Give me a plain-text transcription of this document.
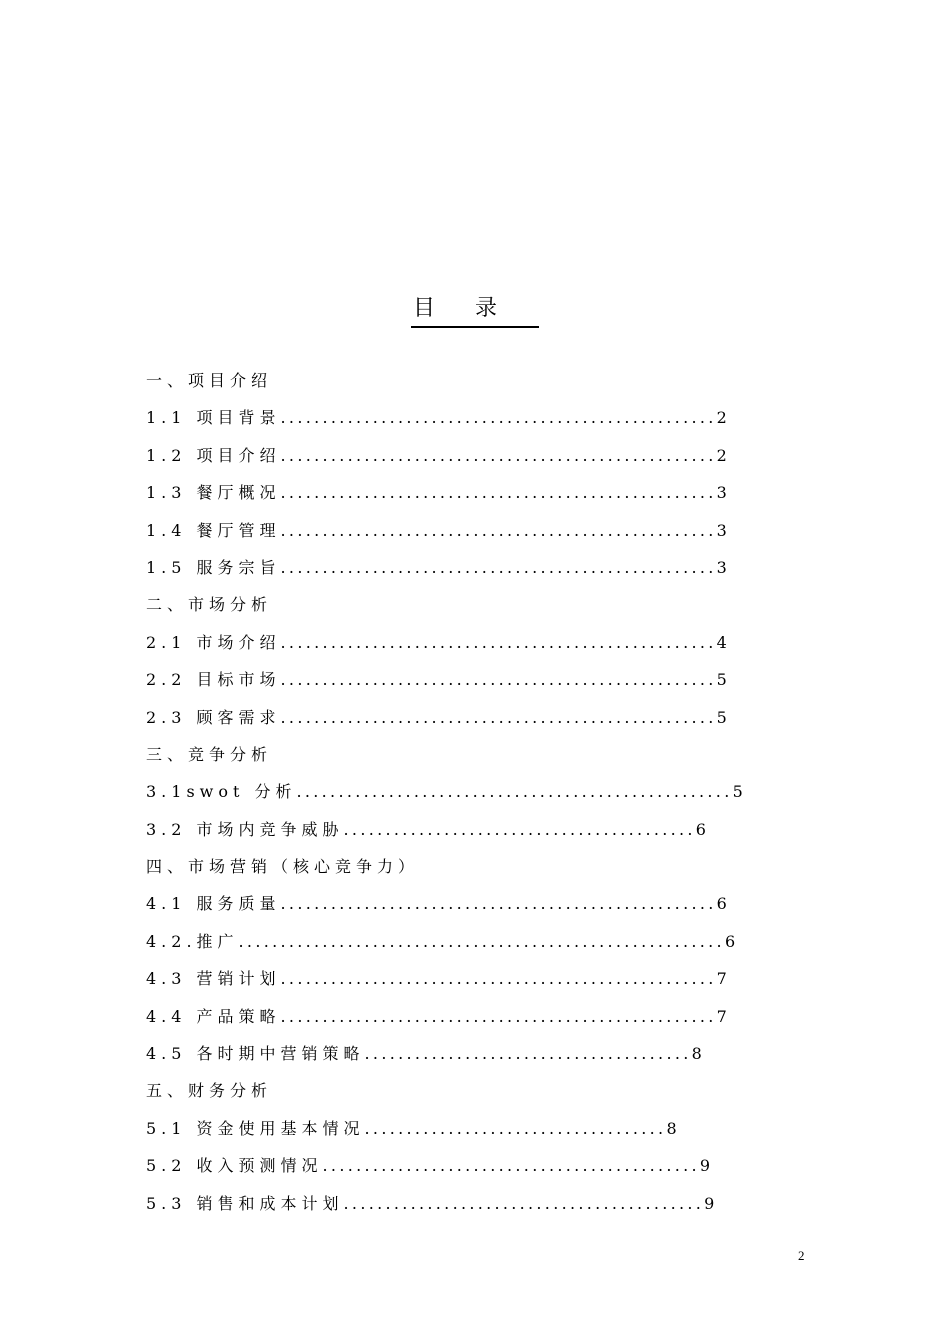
目录
一、项目介绍
1.1 项目背景....................................................2
1.2 项目介绍....................................................2
1.3 餐厅概况....................................................3
1.4 餐厅管理....................................................3
1.5 服务宗旨....................................................3
二、市场分析
2.1 市场介绍....................................................4
2.2 目标市场....................................................5
2.3 顾客需求....................................................5
三、竞争分析
3.1swot 分析....................................................5
3.2 市场内竞争威胁..........................................6
四、市场营销（核心竞争力）
4.1 服务质量....................................................6
4.2.推广..........................................................6
4.3 营销计划....................................................7
4.4 产品策略....................................................7
4.5 各时期中营销策略.......................................8
五、财务分析
5.1 资金使用基本情况....................................8
5.2 收入预测情况.............................................9
5.3 销售和成本计划...........................................9
2
